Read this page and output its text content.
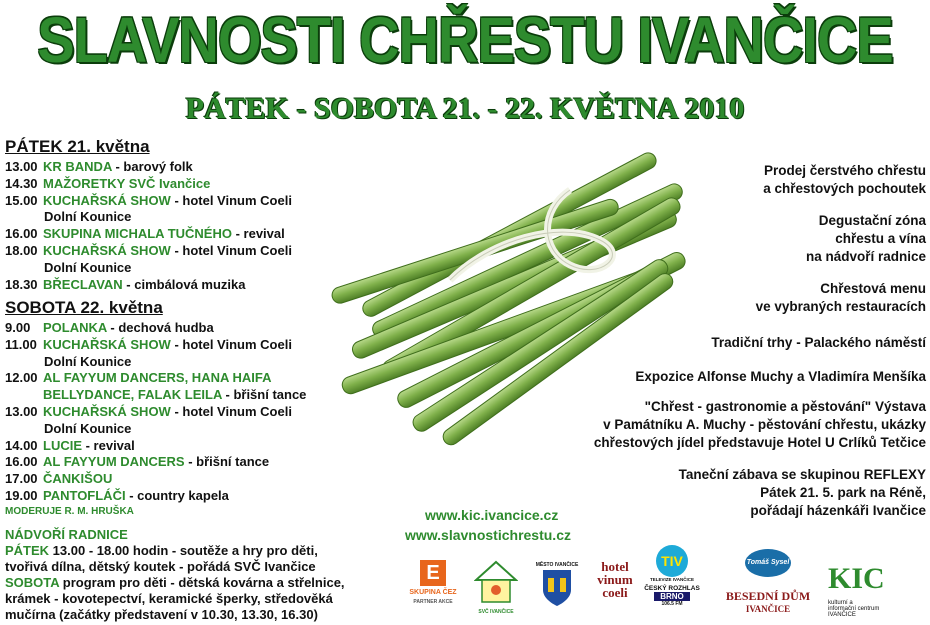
SLAVNOSTI CHŘESTU IVANČICE
PÁTEK - SOBOTA 21. - 22. KVĚTNA 2010
PÁTEK 21. května
13.00 KR BANDA - barový folk
14.30 MAŽORETKY SVČ Ivančice
15.00 KUCHAŘSKÁ SHOW - hotel Vinum Coeli
Dolní Kounice
16.00 SKUPINA MICHALA TUČNÉHO - revival
18.00 KUCHAŘSKÁ SHOW - hotel Vinum Coeli
Dolní Kounice
18.30 BŘECLAVAN - cimbálová muzika
SOBOTA 22. května
9.00 POLANKA - dechová hudba
11.00 KUCHAŘSKÁ SHOW - hotel Vinum Coeli
Dolní Kounice
12.00 AL FAYYUM DANCERS, HANA HAIFA
BELLYDANCE, FALAK LEILA - břišní tance
13.00 KUCHAŘSKÁ SHOW - hotel Vinum Coeli
Dolní Kounice
14.00 LUCIE - revival
16.00 AL FAYYUM DANCERS - břišní tance
17.00 ČANKIŠOU
19.00 PANTOFLÁČI - country kapela
MODERUJE R. M. HRUŠKA
NÁDVOŘÍ RADNICE
PÁTEK 13.00 - 18.00 hodin - soutěže a hry pro děti,
tvořivá dílna, dětský koutek - pořádá SVČ Ivančice
SOBOTA program pro děti - dětská kovárna a střelnice,
krámek - kovotepectví, keramické šperky, středověká
mučírna (začátky představení v 10.30, 13.30, 16.30)

Prodej čerstvého chřestu

a chřestových pochoutek

Degustační zóna

chřestu a vína

na nádvoří radnice

Chřestová menu

ve vybraných restauracích

Tradiční trhy - Palackého náměstí

Expozice Alfonse Muchy a Vladimíra Menšíka

"Chřest - gastronomie a pěstování" Výstava

v Památníku A. Muchy - pěstování chřestu, ukázky

chřestových jídel představuje Hotel U Crlíků Tetčice

Taneční zábava se skupinou REFLEXY

Pátek 21. 5. park na Réně,

pořádají házenkáři Ivančice

www.kic.ivancice.cz
www.slavnostichrestu.cz
E
SKUPINA ČEZ
PARTNER AKCE
SVČ IVANČICE
MĚSTO IVANČICE	hotel vinum coeli
TIV
TELEVIZE IVANČICE
ČESKÝ ROZHLAS
BRNO
106.5 FM
Tomáš Sysel
BESEDNÍ DŮM
IVANČICE
KIC kulturní a informační centrum
IVANČICE
